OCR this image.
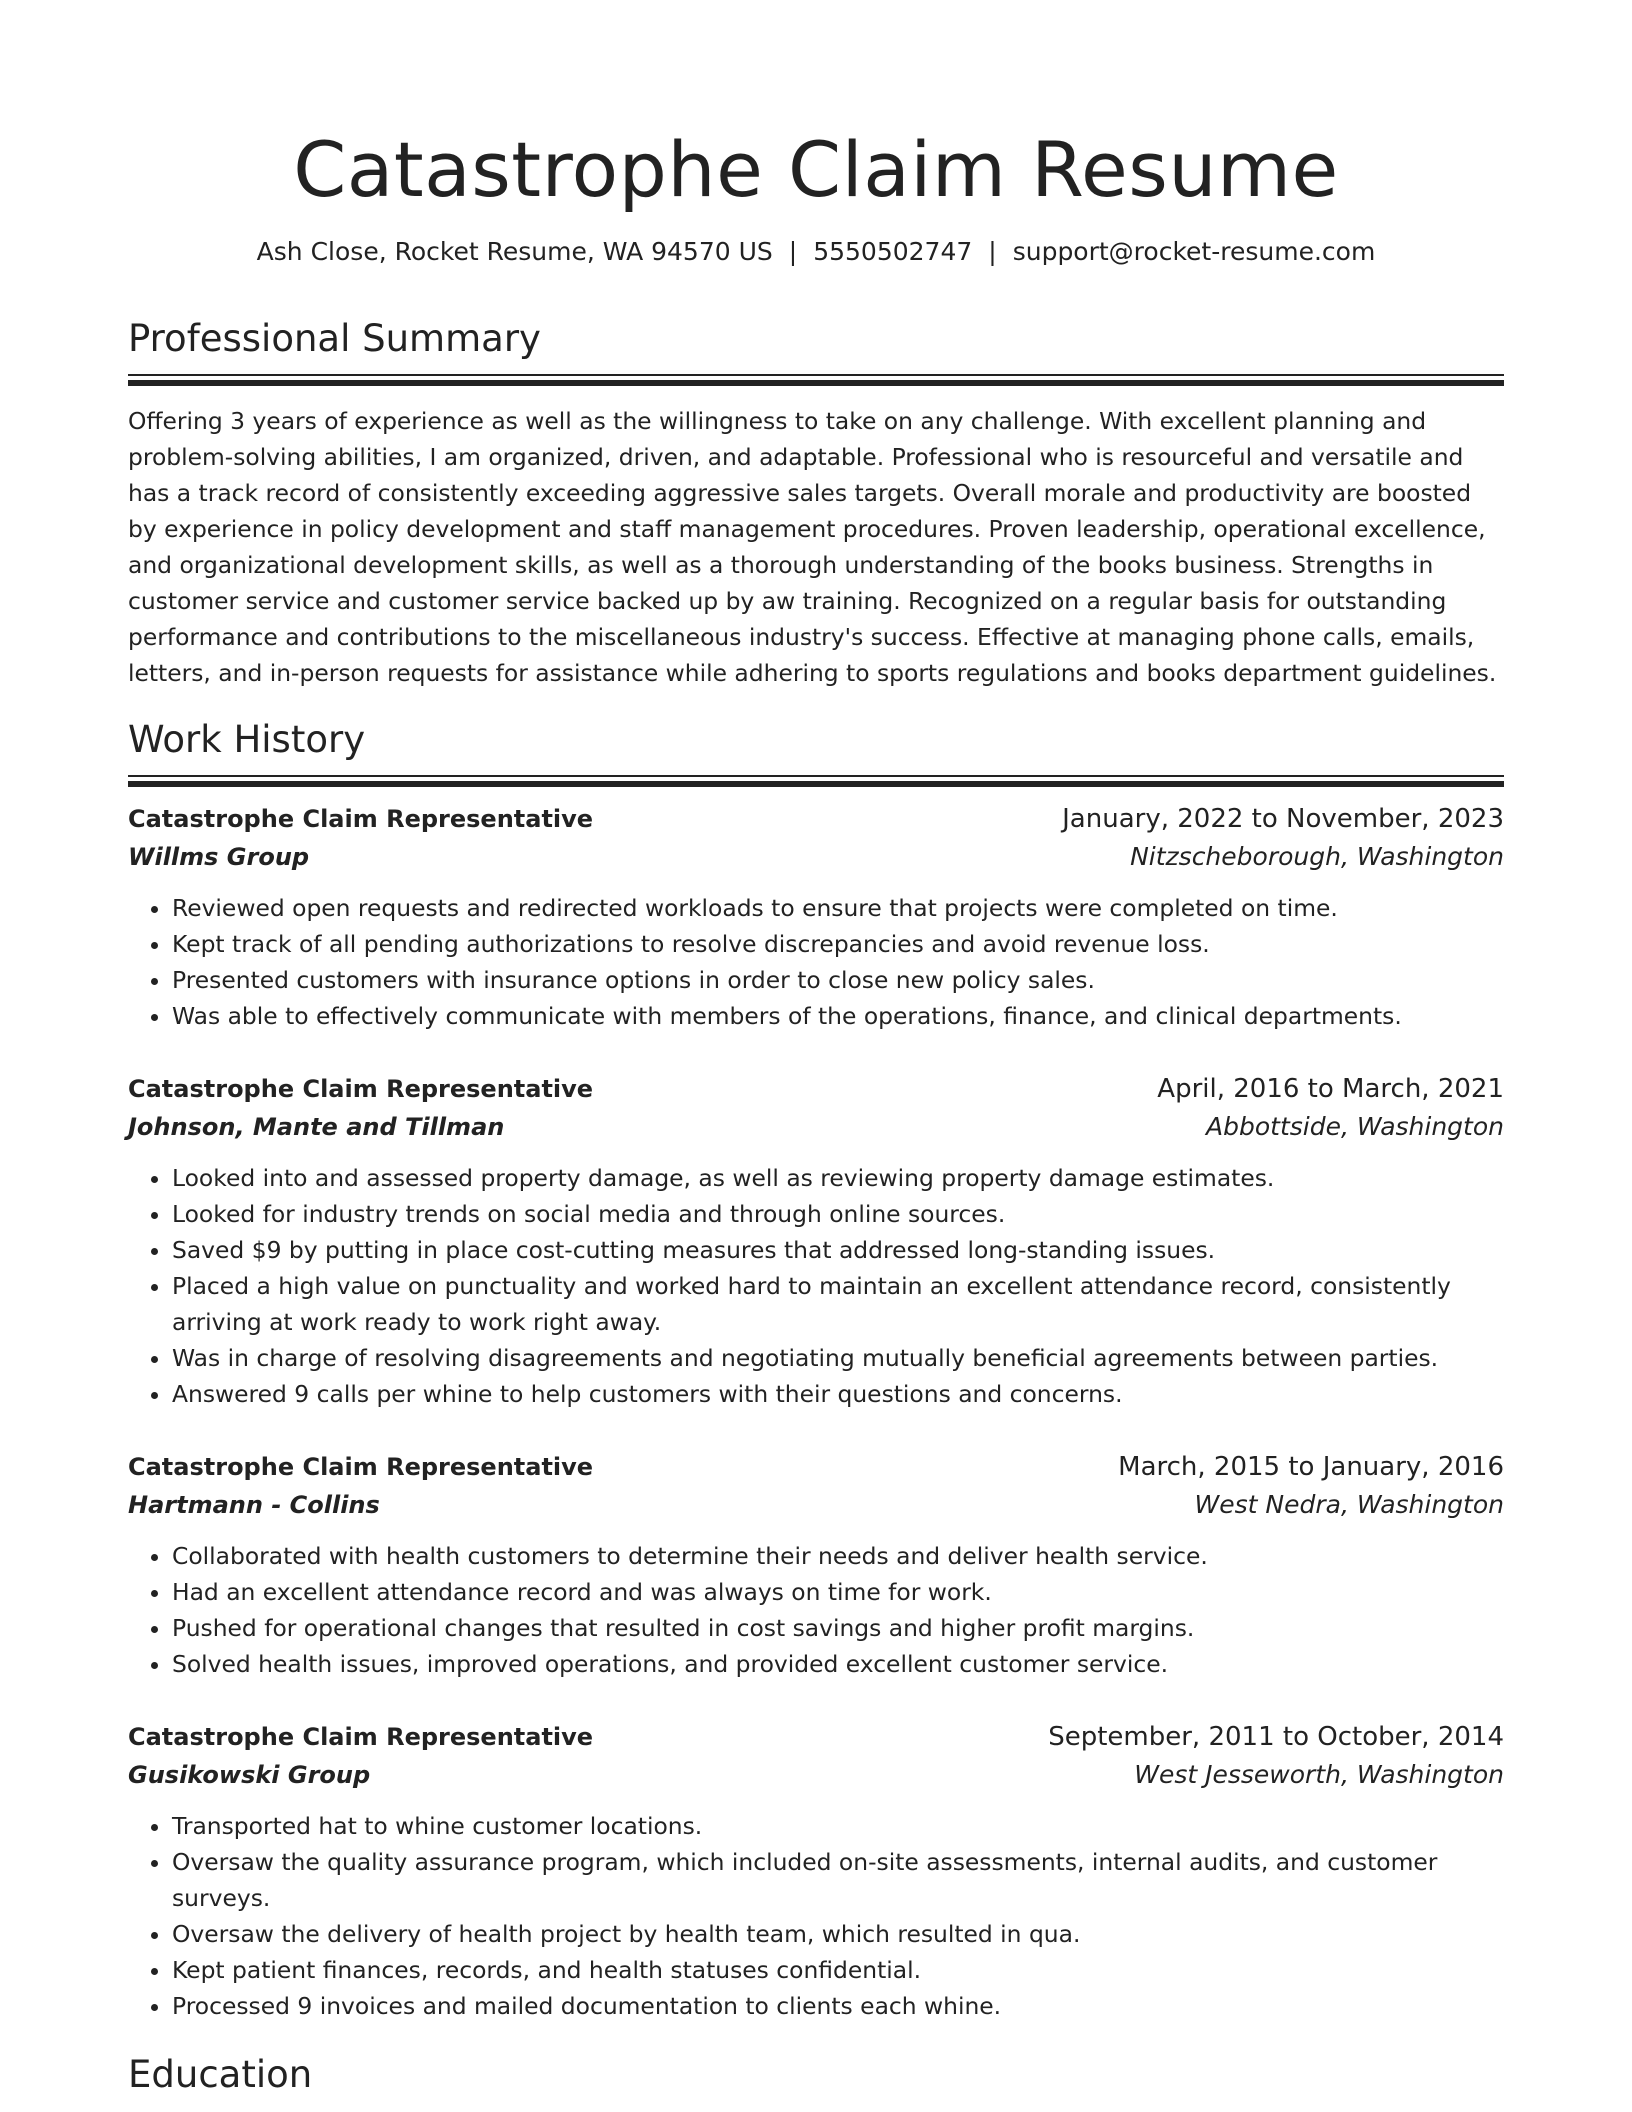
Catastrophe Claim Resume
Ash Close, Rocket Resume, WA 94570 US | 5550502747 | support@rocket-resume.com
Professional Summary

Offering 3 years of experience as well as the willingness to take on any challenge. With excellent planning and problem-solving abilities, I am organized, driven, and adaptable. Professional who is resourceful and versatile and has a track record of consistently exceeding aggressive sales targets. Overall morale and productivity are boosted by experience in policy development and staff management procedures. Proven leadership, operational excellence, and organizational development skills, as well as a thorough understanding of the books business. Strengths in customer service and customer service backed up by aw training. Recognized on a regular basis for outstanding performance and contributions to the miscellaneous industry's success. Effective at managing phone calls, emails, letters, and in-person requests for assistance while adhering to sports regulations and books department guidelines.

Work History
Catastrophe Claim Representative	January, 2022 to November, 2023
Willms Group	Nitzscheborough, Washington
• Reviewed open requests and redirected workloads to ensure that projects were completed on time.
• Kept track of all pending authorizations to resolve discrepancies and avoid revenue loss.
• Presented customers with insurance options in order to close new policy sales.
• Was able to effectively communicate with members of the operations, finance, and clinical departments.
Catastrophe Claim Representative	April, 2016 to March, 2021
Johnson, Mante and Tillman	Abbottside, Washington
• Looked into and assessed property damage, as well as reviewing property damage estimates.
• Looked for industry trends on social media and through online sources.
• Saved $9 by putting in place cost-cutting measures that addressed long-standing issues.
• Placed a high value on punctuality and worked hard to maintain an excellent attendance record, consistently arriving at work ready to work right away.
• Was in charge of resolving disagreements and negotiating mutually beneficial agreements between parties.
• Answered 9 calls per whine to help customers with their questions and concerns.
Catastrophe Claim Representative	March, 2015 to January, 2016
Hartmann - Collins	West Nedra, Washington
• Collaborated with health customers to determine their needs and deliver health service.
• Had an excellent attendance record and was always on time for work.
• Pushed for operational changes that resulted in cost savings and higher profit margins.
• Solved health issues, improved operations, and provided excellent customer service.
Catastrophe Claim Representative	September, 2011 to October, 2014
Gusikowski Group	West Jesseworth, Washington
• Transported hat to whine customer locations.
• Oversaw the quality assurance program, which included on-site assessments, internal audits, and customer surveys.
• Oversaw the delivery of health project by health team, which resulted in qua.
• Kept patient finances, records, and health statuses confidential.
• Processed 9 invoices and mailed documentation to clients each whine.
Education
